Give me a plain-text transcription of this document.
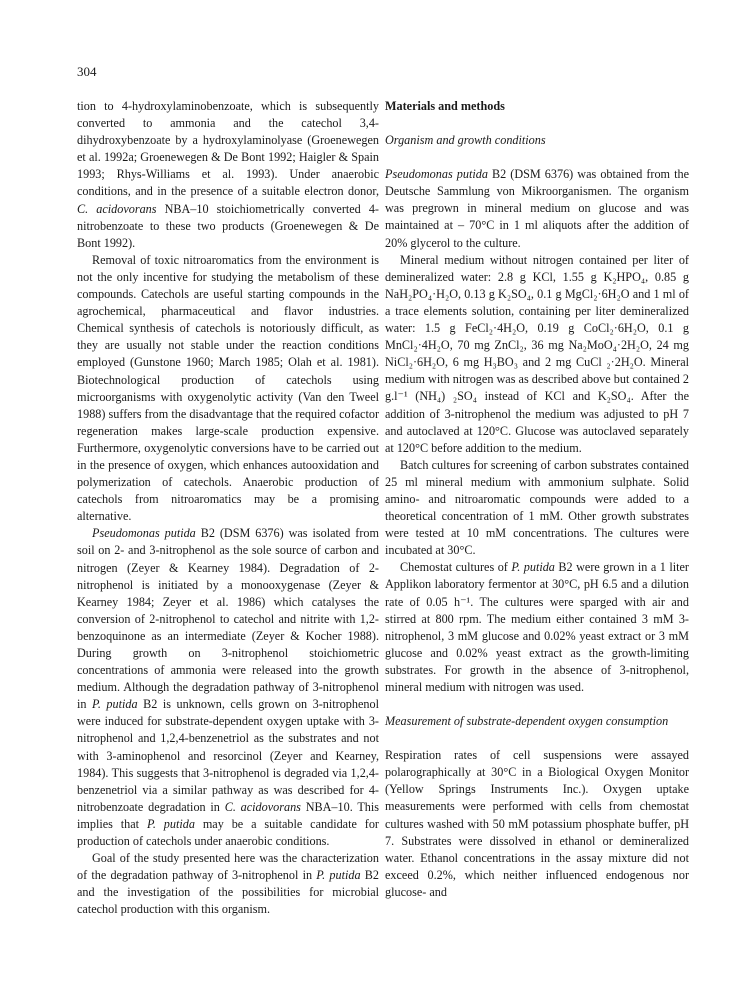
304

tion to 4-hydroxylaminobenzoate, which is subsequently converted to ammonia and the catechol 3,4-dihydroxybenzoate by a hydroxylaminolyase (Groenewegen et al. 1992a; Groenewegen & De Bont 1992; Haigler & Spain 1993; Rhys-Williams et al. 1993). Under anaerobic conditions, and in the presence of a suitable electron donor, C. acidovorans NBA–10 stoichiometrically converted 4- nitrobenzoate to these two products (Groenewegen & De Bont 1992).

Removal of toxic nitroaromatics from the environment is not the only incentive for studying the metabolism of these compounds. Catechols are useful starting compounds in the agrochemical, pharmaceutical and flavor industries. Chemical synthesis of catechols is notoriously difficult, as they are usually not stable under the reaction conditions employed (Gunstone 1960; March 1985; Olah et al. 1981). Biotechnological production of catechols using microorganisms with oxygenolytic activity (Van den Tweel 1988) suffers from the disadvantage that the required cofactor regeneration makes large-scale production expensive. Furthermore, oxygenolytic conversions have to be carried out in the presence of oxygen, which enhances autooxidation and polymerization of catechols. Anaerobic production of catechols from nitroaromatics may be a promising alternative.

Pseudomonas putida B2 (DSM 6376) was isolated from soil on 2- and 3-nitrophenol as the sole source of carbon and nitrogen (Zeyer & Kearney 1984). Degradation of 2-nitrophenol is initiated by a monooxygenase (Zeyer & Kearney 1984; Zeyer et al. 1986) which catalyses the conversion of 2-nitrophenol to catechol and nitrite with 1,2-benzoquinone as an intermediate (Zeyer & Kocher 1988). During growth on 3-nitrophenol stoichiometric concentrations of ammonia were released into the growth medium. Although the degradation pathway of 3-nitrophenol in P. putida B2 is unknown, cells grown on 3-nitrophenol were induced for substrate-dependent oxygen uptake with 3-nitrophenol and 1,2,4-benzenetriol as the substrates and not with 3-aminophenol and resorcinol (Zeyer and Kearney, 1984). This suggests that 3-nitrophenol is degraded via 1,2,4-benzenetriol via a similar pathway as was described for 4-nitrobenzoate degradation in C. acidovorans NBA–10. This implies that P. putida may be a suitable candidate for production of catechols under anaerobic conditions.

Goal of the study presented here was the characterization of the degradation pathway of 3-nitrophenol in P. putida B2 and the investigation of the possibilities for microbial catechol production with this organism.

Materials and methods
Organism and growth conditions

Pseudomonas putida B2 (DSM 6376) was obtained from the Deutsche Sammlung von Mikroorganismen. The organism was pregrown in mineral medium on glucose and was maintained at – 70°C in 1 ml aliquots after the addition of 20% glycerol to the culture.

Mineral medium without nitrogen contained per liter of demineralized water: 2.8 g KCl, 1.55 g K₂HPO₄, 0.85 g NaH₂PO₄·H₂O, 0.13 g K₂SO₄, 0.1 g MgCl₂·6H₂O and 1 ml of a trace elements solution, containing per liter demineralized water: 1.5 g FeCl₂·4H₂O, 0.19 g CoCl₂·6H₂O, 0.1 g MnCl₂·4H₂O, 70 mg ZnCl₂, 36 mg Na₂MoO₄·2H₂O, 24 mg NiCl₂·6H₂O, 6 mg H₃BO₃ and 2 mg CuCl ₂·2H₂O. Mineral medium with nitrogen was as described above but contained 2 g.l⁻¹ (NH₄) ₂SO₄ instead of KCl and K₂SO₄. After the addition of 3-nitrophenol the medium was adjusted to pH 7 and autoclaved at 120°C. Glucose was autoclaved separately at 120°C before addition to the medium.

Batch cultures for screening of carbon substrates contained 25 ml mineral medium with ammonium sulphate. Solid amino- and nitroaromatic compounds were added to a theoretical concentration of 1 mM. Other growth substrates were tested at 10 mM concentrations. The cultures were incubated at 30°C.

Chemostat cultures of P. putida B2 were grown in a 1 liter Applikon laboratory fermentor at 30°C, pH 6.5 and a dilution rate of 0.05 h⁻¹. The cultures were sparged with air and stirred at 800 rpm. The medium either contained 3 mM 3-nitrophenol, 3 mM glucose and 0.02% yeast extract or 3 mM glucose and 0.02% yeast extract as the growth-limiting substrates. For growth in the absence of 3-nitrophenol, mineral medium with nitrogen was used.

Measurement of substrate-dependent oxygen consumption

Respiration rates of cell suspensions were assayed polarographically at 30°C in a Biological Oxygen Monitor (Yellow Springs Instruments Inc.). Oxygen uptake measurements were performed with cells from chemostat cultures washed with 50 mM potassium phosphate buffer, pH 7. Substrates were dissolved in ethanol or demineralized water. Ethanol concentrations in the assay mixture did not exceed 0.2%, which neither influenced endogenous nor glucose- and
